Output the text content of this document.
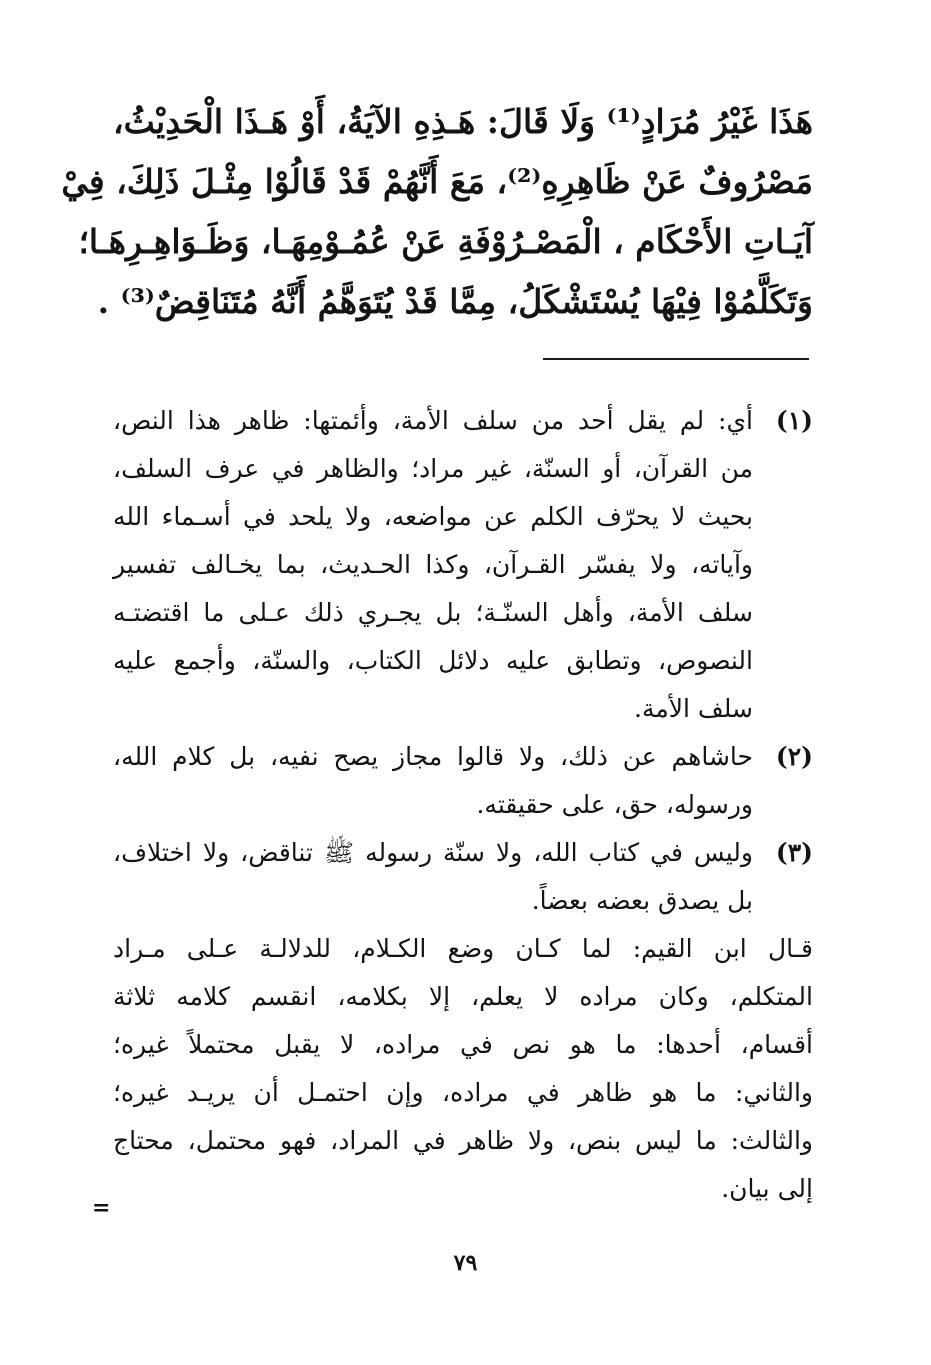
هَذَا غَيْرُ مُرَادٍ⁽¹⁾ وَلَا قَالَ: هَـذِهِ الآيَةُ، أَوْ هَـذَا الْحَدِيْثُ،
مَصْرُوفٌ عَنْ ظَاهِرِهِ⁽²⁾، مَعَ أَنَّهُمْ قَدْ قَالُوْا مِثْـلَ ذَلِكَ، فِيْ
آيَـاتِ الأَحْكَام ، الْمَصْـرُوْفَةِ عَنْ عُمُـوْمِهَـا، وَظَـوَاهِـرِهَـا؛
وَتَكَلَّمُوْا فِيْهَا يُسْتَشْكَلُ، مِمَّا قَدْ يُتَوَهَّمُ أَنَّهُ مُتَنَاقِضٌ⁽³⁾ .
(١)
أي: لم يقل أحد من سلف الأمة، وأئمتها: ظاهر هذا النص،
من القرآن، أو السنّة، غير مراد؛ والظاهر في عرف السلف،
بحيث لا يحرّف الكلم عن مواضعه، ولا يلحد في أسـماء الله
وآياته، ولا يفسّر القـرآن، وكذا الحـديث، بما يخـالف تفسير
سلف الأمة، وأهل السنّـة؛ بل يجـري ذلك عـلى ما اقتضتـه
النصوص، وتطابق عليه دلائل الكتاب، والسنّة، وأجمع عليه
سلف الأمة.
(٢)
حاشاهم عن ذلك، ولا قالوا مجاز يصح نفيه، بل كلام الله،
ورسوله، حق، على حقيقته.
(٣)
وليس في كتاب الله، ولا سنّة رسوله ﷺ تناقض، ولا اختلاف،
بل يصدق بعضه بعضاً.
قـال ابن القيم: لما كـان وضع الكـلام، للدلالـة عـلى مـراد
المتكلم، وكان مراده لا يعلم، إلا بكلامه، انقسم كلامه ثلاثة
أقسام، أحدها: ما هو نص في مراده، لا يقبل محتملاً غيره؛
والثاني: ما هو ظاهر في مراده، وإن احتمـل أن يريـد غيره؛
والثالث: ما ليس بنص، ولا ظاهر في المراد، فهو محتمل، محتاج
إلى بيان.
=
٧٩
